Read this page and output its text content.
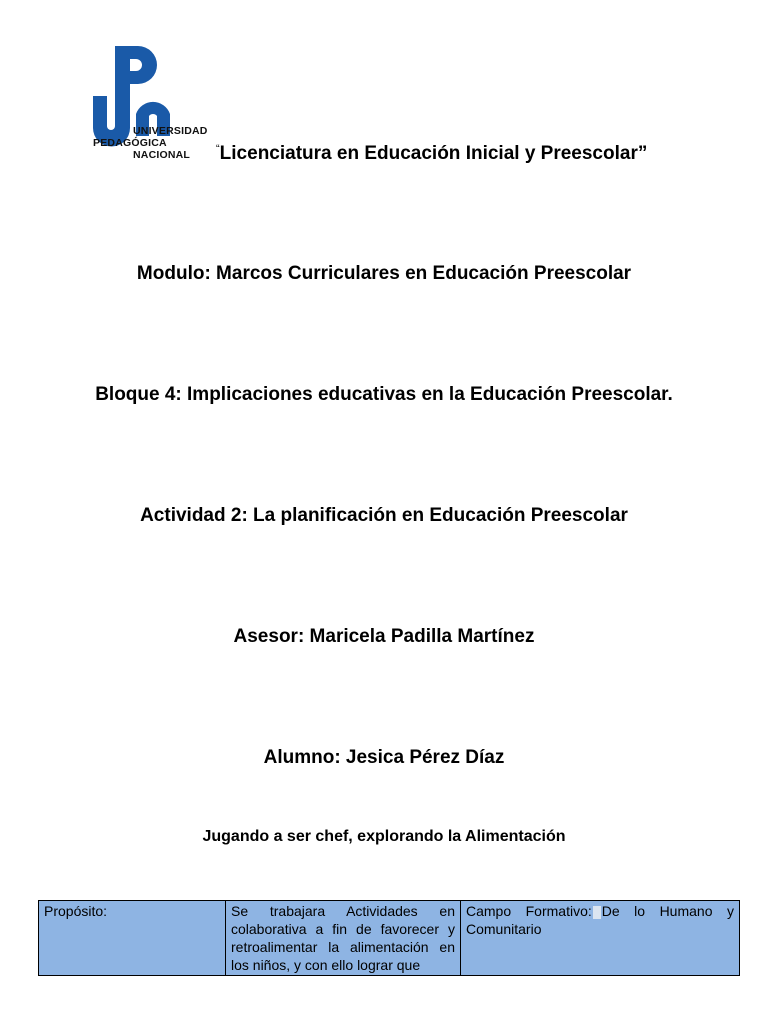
UNIVERSIDAD
PEDAGÓGICA
NACIONAL “Licenciatura en Educación Inicial y Preescolar”
Modulo: Marcos Curriculares en Educación Preescolar
Bloque 4: Implicaciones educativas en la Educación Preescolar.
Actividad 2: La planificación en Educación Preescolar
Asesor: Maricela Padilla Martínez
Alumno: Jesica Pérez Díaz
Jugando a ser chef, explorando la Alimentación
Propósito:	Se trabajara Actividades en colaborativa a fin de favorecer y retroalimentar la alimentación en los niños, y con ello lograr que	Campo Formativo: De lo Humano y Comunitario
